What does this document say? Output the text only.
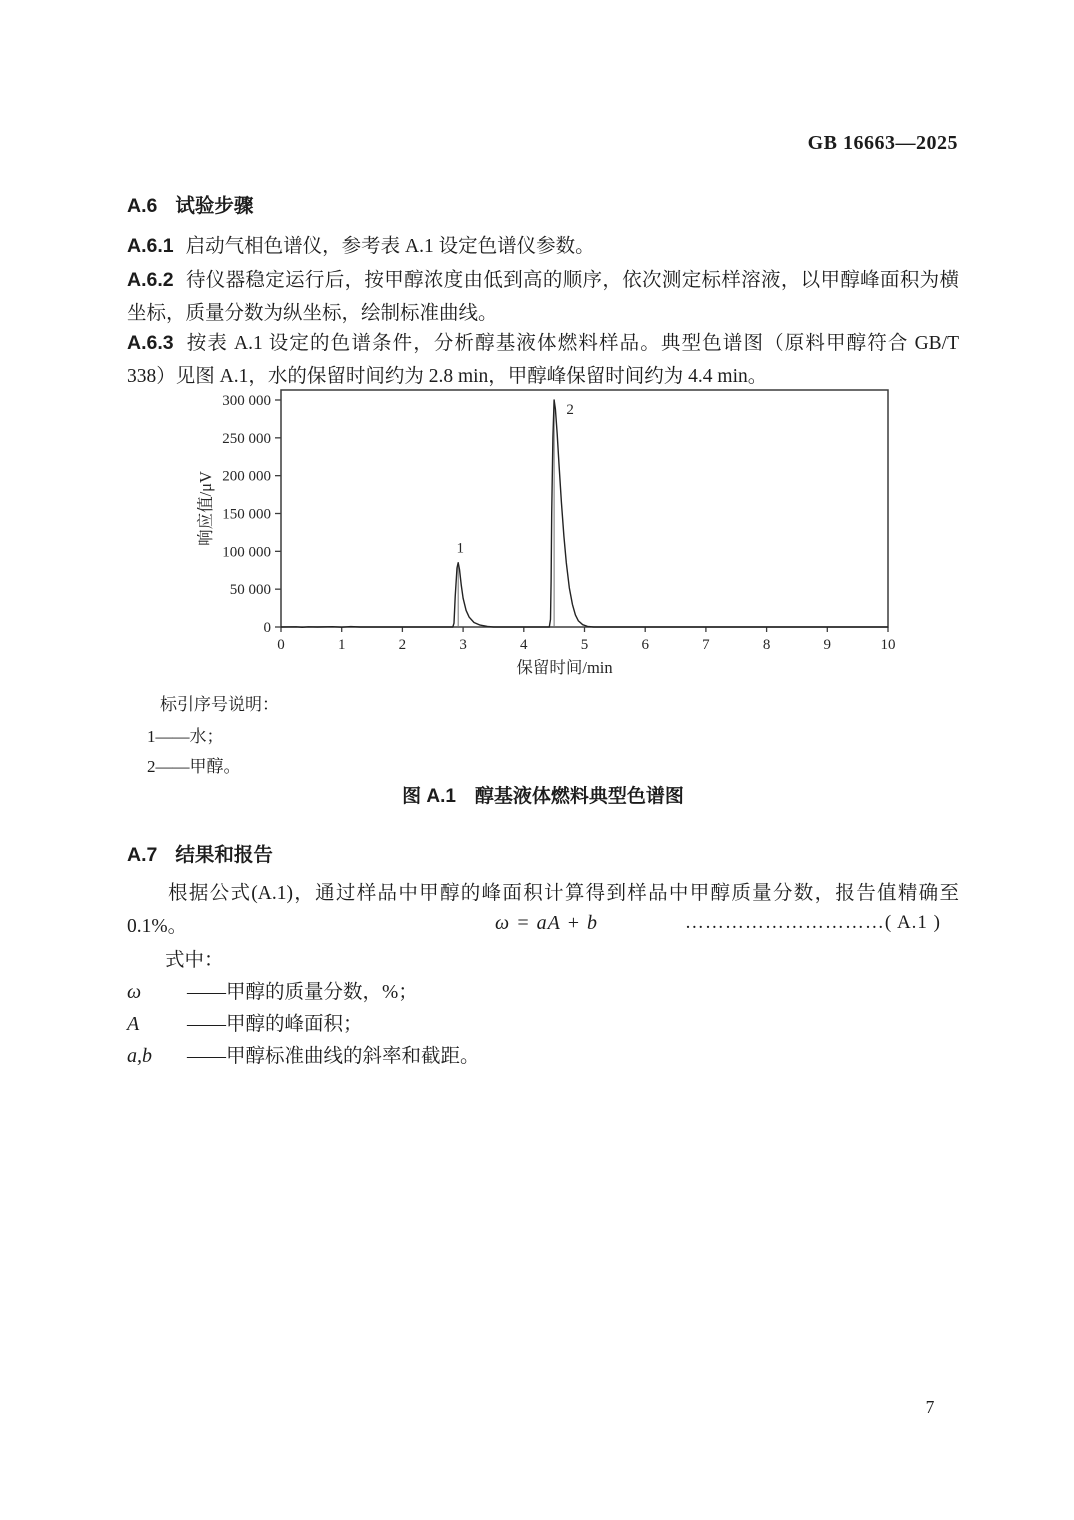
GB 16663—2025
A.6 试验步骤
A.6.1 启动气相色谱仪，参考表 A.1 设定色谱仪参数。
A.6.2 待仪器稳定运行后，按甲醇浓度由低到高的顺序，依次测定标样溶液，以甲醇峰面积为横坐标，质量分数为纵坐标，绘制标准曲线。
A.6.3 按表 A.1 设定的色谱条件，分析醇基液体燃料样品。典型色谱图（原料甲醇符合 GB/T 338）见图 A.1，水的保留时间约为 2.8 min，甲醇峰保留时间约为 4.4 min。
0
50 000
100 000
150 000
200 000
250 000
300 000
0	1	2	3	4	5	6	7	8	9	10
保留时间/min
响应值/μV
1
2
标引序号说明：
1——水；
2——甲醇。
图 A.1　醇基液体燃料典型色谱图
A.7 结果和报告
根据公式(A.1)，通过样品中甲醇的峰面积计算得到样品中甲醇质量分数，报告值精确至 0.1%。	ω = aA + b	…………………………( A.1 )
式中：
ω ——甲醇的质量分数，%；
A ——甲醇的峰面积；
a,b ——甲醇标准曲线的斜率和截距。
7
